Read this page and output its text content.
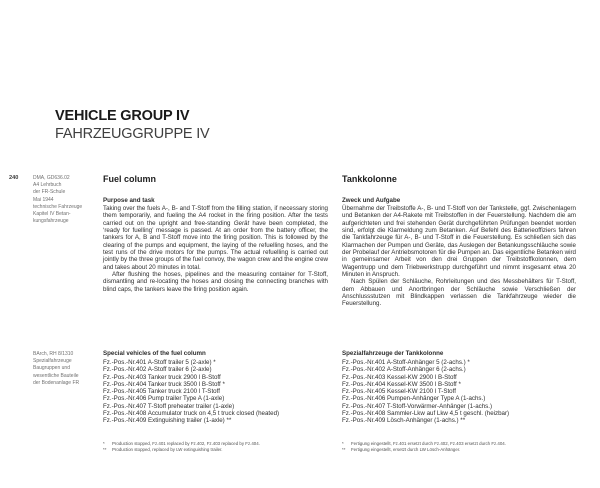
VEHICLE GROUP IV
FAHRZEUGGRUPPE IV
240	DMA, GD636.02
A4 Lehrbuch
der FR-Schule
Mai 1944
technische Fahrzeuge
Kapitel IV Betan-
kungsfahrzeuge
BArch, RH 8/1310
Spezialfahrzeuge
Baugruppen und
wesentliche Bauteile
der Bodenanlage FR
Fuel column
Purpose and task

Taking over the fuels A-, B- and T-Stoff from the filling station, if necessary storing them temporarily, and fueling the A4 rocket in the firing position. After the tests carried out on the upright and free-standing Gerät have been completed, the ‘ready for fuelling’ message is passed. At an order from the battery officer, the tankers for A, B and T-Stoff move into the firing position. This is followed by the clearing of the pumps and equipment, the laying of the refuelling hoses, and the test runs of the drive motors for the pumps. The actual refuelling is carried out jointly by the three groups of the fuel convoy, the wagon crew and the engine crew and takes about 20 minutes in total.

After flushing the hoses, pipelines and the measuring container for T-Stoff, dismantling and re-locating the hoses and closing the connecting branches with blind caps, the tankers leave the firing position again.

Special vehicles of the fuel column
Fz.-Pos.-Nr.401 A-Stoff trailer 5 (2-axle) *
Fz.-Pos.-Nr.402 A-Stoff trailer 6 (2-axle)
Fz.-Pos.-Nr.403 Tanker truck 2900 l B-Stoff
Fz.-Pos.-Nr.404 Tanker truck 3500 l B-Stoff *
Fz.-Pos.-Nr.405 Tanker truck 2100 l T-Stoff
Fz.-Pos.-Nr.406 Pump trailer Type A (1-axle)
Fz.-Pos.-Nr.407 T-Stoff preheater trailer (1-axle)
Fz.-Pos.-Nr.408 Accumulator truck on 4,5 t truck closed (heated)
Fz.-Pos.-Nr.409 Extinguishing trailer (1-axle) **
*	Production stopped, Fz.401 replaced by Fz.402, Fz.403 replaced by Fz.404.
**	Production stopped, replaced by LW extinguishing trailer.
Tankkolonne
Zweck und Aufgabe

Übernahme der Treibstoffe A-, B- und T-Stoff von der Tankstelle, ggf. Zwischenlagern und Betanken der A4-Rakete mit Treibstoffen in der Feuerstellung. Nachdem die am aufgerichteten und frei stehenden Gerät durchgeführten Prüfungen beendet worden sind, erfolgt die Klarmeldung zum Betanken. Auf Befehl des Batterieoffiziers fahren die Tankfahrzeuge für A-, B- und T-Stoff in die Feuerstellung. Es schließen sich das Klarmachen der Pumpen und Geräte, das Auslegen der Betankungsschläuche sowie der Probelauf der Antriebsmotoren für die Pumpen an. Das eigentliche Betanken wird in gemeinsamer Arbeit von den drei Gruppen der Treibstoffkolonnen, dem Wagentrupp und dem Triebwerkstrupp durchgeführt und nimmt insgesamt etwa 20 Minuten in Anspruch.

Nach Spülen der Schläuche, Rohrleitungen und des Messbehälters für T-Stoff, dem Abbauen und Anortbringen der Schläuche sowie Verschließen der Anschlussstutzen mit Blindkappen verlassen die Tankfahrzeuge wieder die Feuerstellung.

Spezialfahrzeuge der Tankkolonne
Fz.-Pos.-Nr.401 A-Stoff-Anhänger 5 (2-achs.) *
Fz.-Pos.-Nr.402 A-Stoff-Anhänger 6 (2-achs.)
Fz.-Pos.-Nr.403 Kessel-KW 2900 l B-Stoff
Fz.-Pos.-Nr.404 Kessel-KW 3500 l B-Stoff *
Fz.-Pos.-Nr.405 Kessel-KW 2100 l T-Stoff
Fz.-Pos.-Nr.406 Pumpen-Anhänger Type A (1-achs.)
Fz.-Pos.-Nr.407 T-Stoff-Vorwärmer-Anhänger (1-achs.)
Fz.-Pos.-Nr.408 Sammler-Lkw auf Lkw 4,5 t geschl. (heizbar)
Fz.-Pos.-Nr.409 Lösch-Anhänger (1-achs.) **
*	Fertigung eingestellt, Fz.401 ersetzt durch Fz.402, Fz.403 ersetzt durch Fz.404.
**	Fertigung eingestellt, ersetzt durch LW Lösch-Anhänger.
